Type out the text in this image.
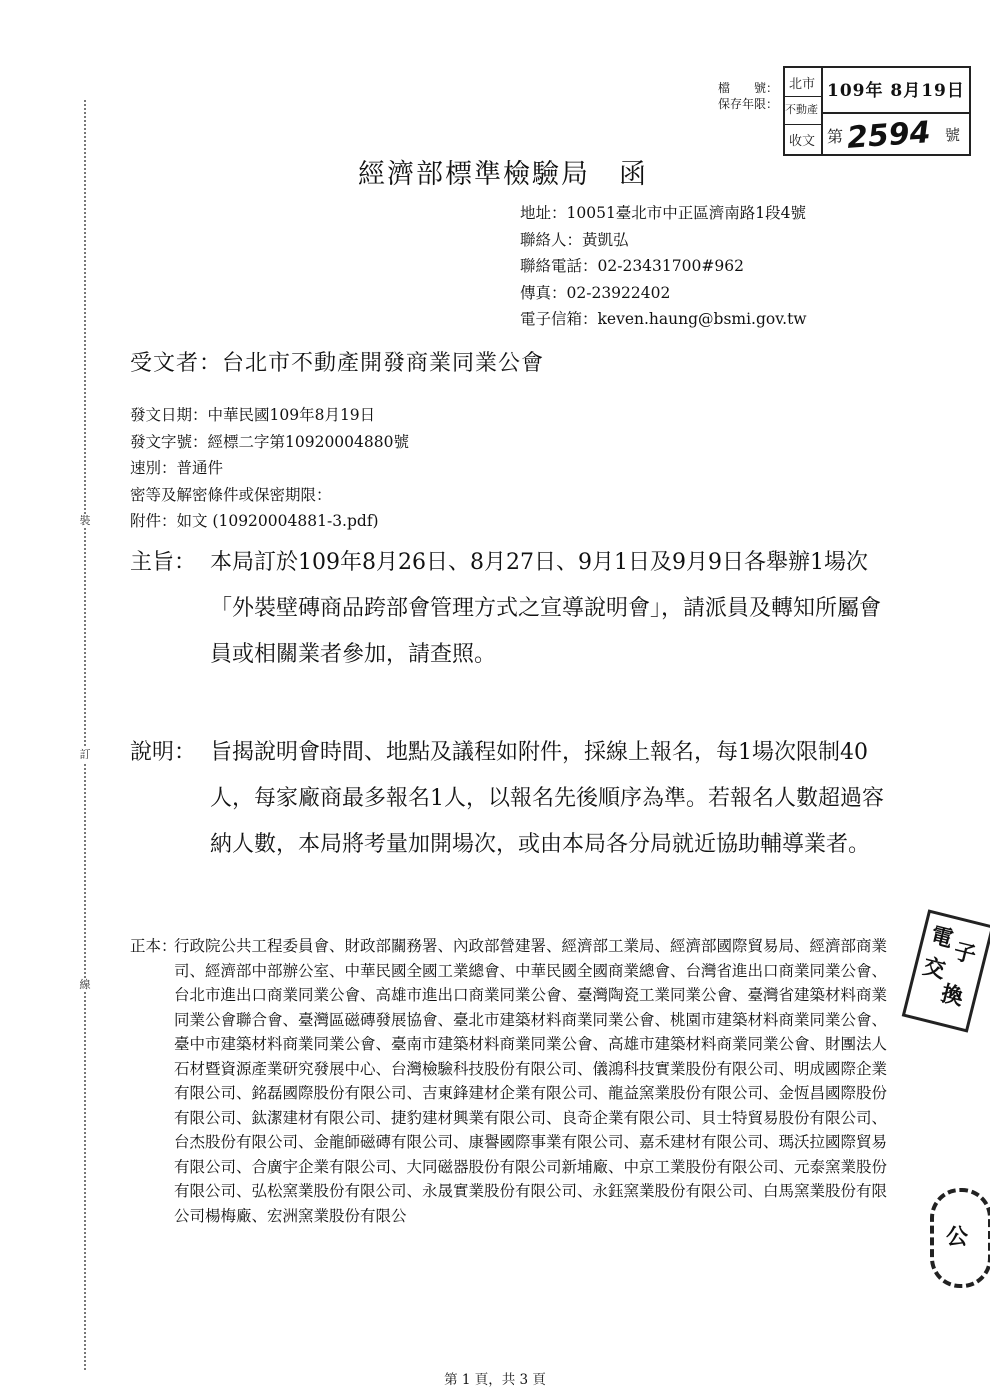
裝
訂
線
檔　　號：
保存年限：
北市
不動產
收文
109年 8月19日
第 2594 號
經濟部標準檢驗局　函
地址：10051臺北市中正區濟南路1段4號
聯絡人：黃凱弘
聯絡電話：02-23431700#962
傳真：02-23922402
電子信箱：keven.haung@bsmi.gov.tw
受文者：台北市不動產開發商業同業公會
發文日期：中華民國109年8月19日
發文字號：經標二字第10920004880號
速別：普通件
密等及解密條件或保密期限：
附件：如文 (10920004881-3.pdf)
主旨： 本局訂於109年8月26日、8月27日、9月1日及9月9日各舉辦1場次「外裝壁磚商品跨部會管理方式之宣導說明會」，請派員及轉知所屬會員或相關業者參加，請查照。
說明： 旨揭說明會時間、地點及議程如附件，採線上報名，每1場次限制40人，每家廠商最多報名1人，以報名先後順序為準。若報名人數超過容納人數，本局將考量加開場次，或由本局各分局就近協助輔導業者。
正本：
行政院公共工程委員會、財政部關務署、內政部營建署、經濟部工業局、經濟部國際貿易局、經濟部商業司、經濟部中部辦公室、中華民國全國工業總會、中華民國全國商業總會、台灣省進出口商業同業公會、台北市進出口商業同業公會、高雄市進出口商業同業公會、臺灣陶瓷工業同業公會、臺灣省建築材料商業同業公會聯合會、臺灣區磁磚發展協會、臺北市建築材料商業同業公會、桃園市建築材料商業同業公會、臺中市建築材料商業同業公會、臺南市建築材料商業同業公會、高雄市建築材料商業同業公會、財團法人石材暨資源產業研究發展中心、台灣檢驗科技股份有限公司、儀鴻科技實業股份有限公司、明成國際企業有限公司、銘磊國際股份有限公司、吉東鋒建材企業有限公司、龍益窯業股份有限公司、金恆昌國際股份有限公司、鈦潔建材有限公司、捷豹建材興業有限公司、良奇企業有限公司、貝士特貿易股份有限公司、台杰股份有限公司、金龍師磁磚有限公司、康譽國際事業有限公司、嘉禾建材有限公司、瑪沃拉國際貿易有限公司、合廣宇企業有限公司、大同磁器股份有限公司新埔廠、中京工業股份有限公司、元泰窯業股份有限公司、弘松窯業股份有限公司、永晟實業股份有限公司、永鈺窯業股份有限公司、白馬窯業股份有限公司楊梅廠、宏洲窯業股份有限公
電
子
交
換
公
第 1 頁，共 3 頁
